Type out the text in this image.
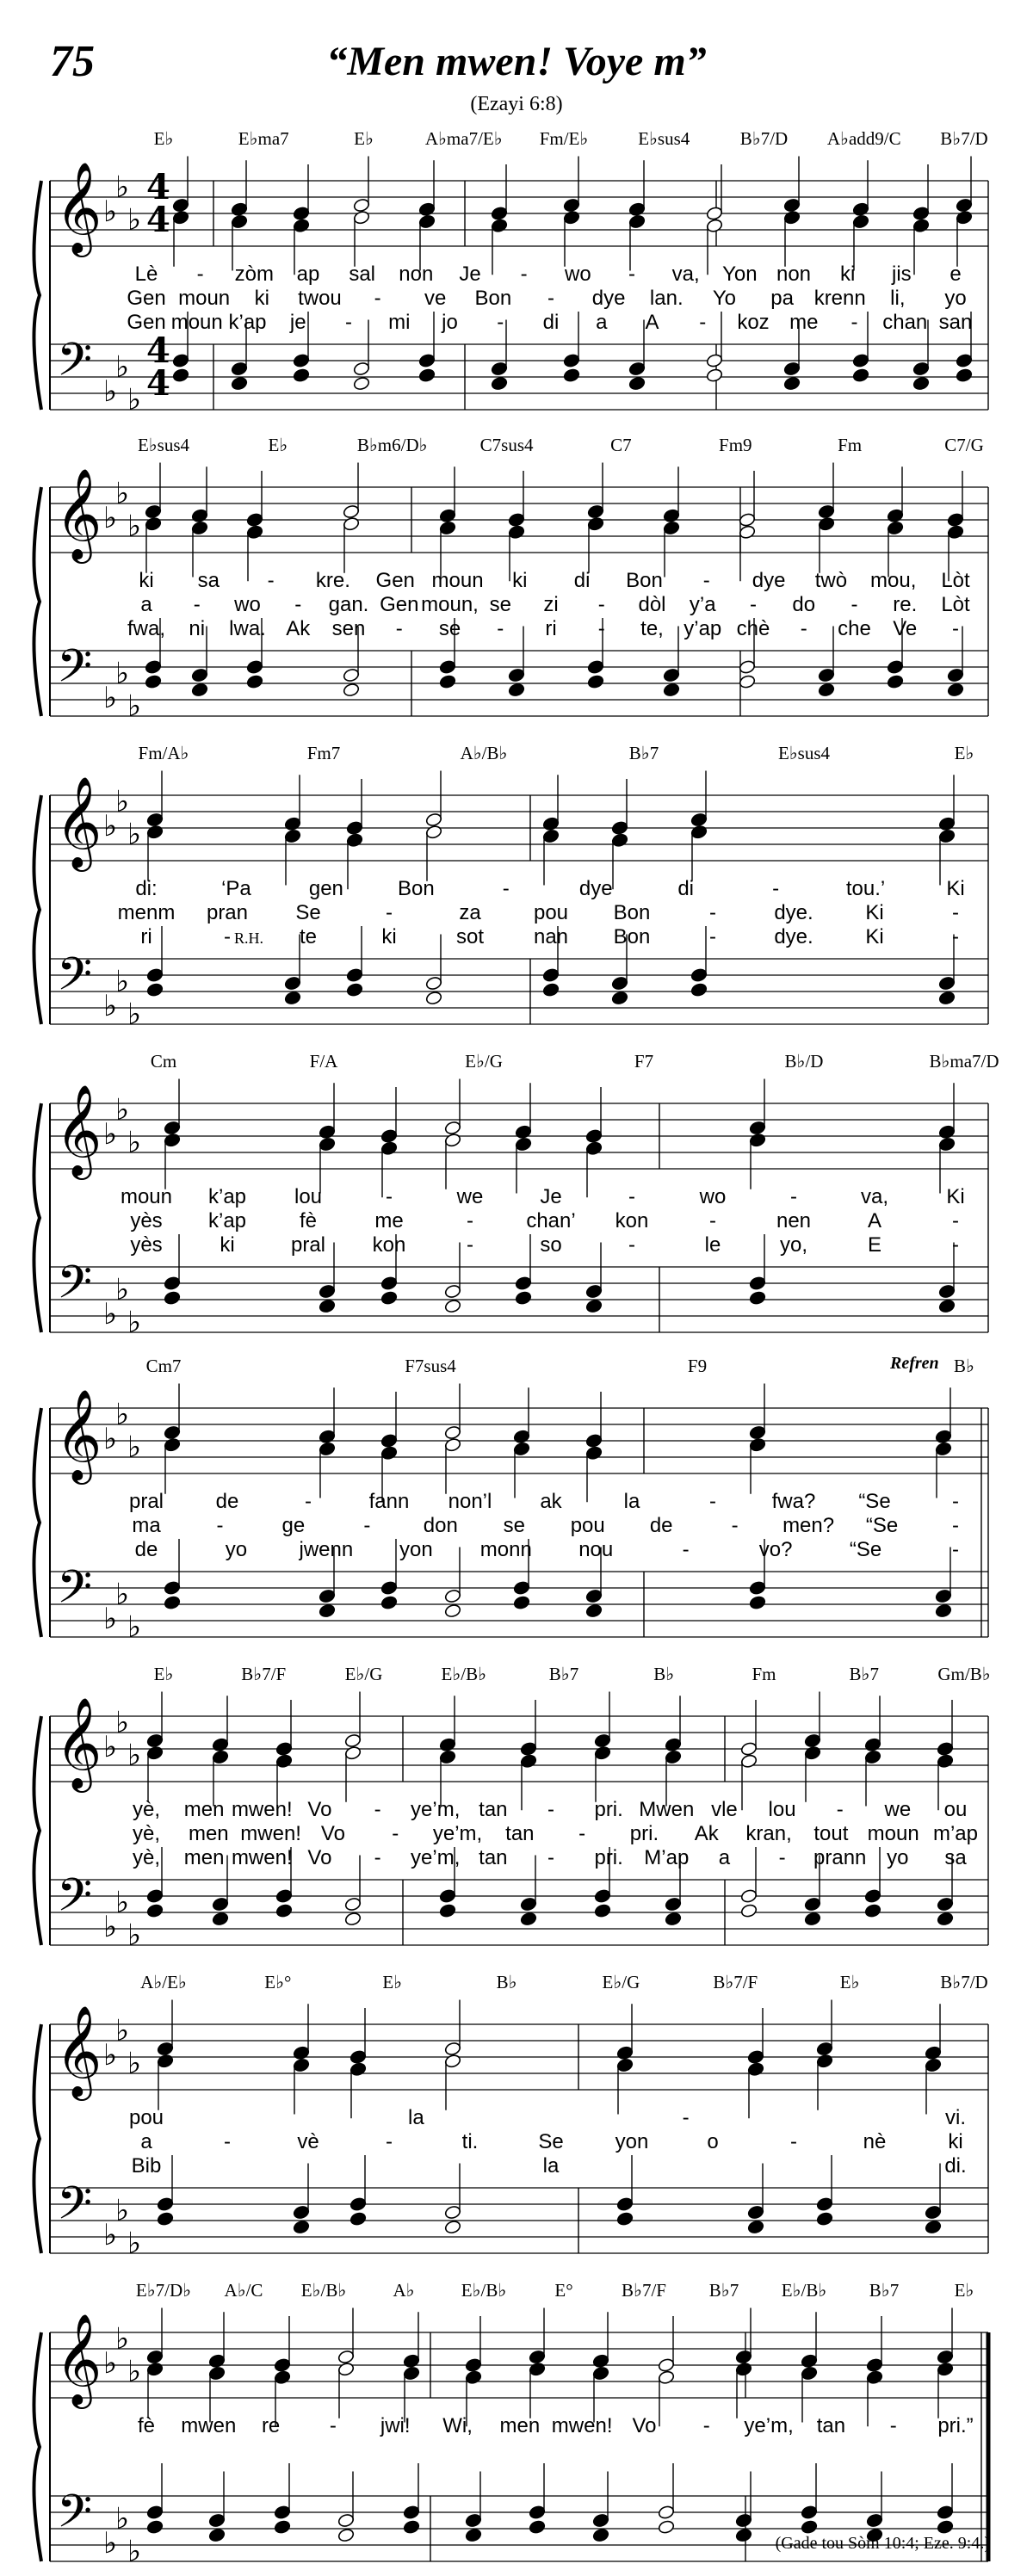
75	“Men mwen! Voye m”
(Ezayi 6:8)
E♭	E♭ma7	E♭	A♭ma7/E♭ Fm/E♭	E♭sus4	B♭7/D A♭add9/C B♭7/D
Lè - zòm ap sal non Je - wo - va, Yon non ki jis e
Gen moun ki twou - ve Bon - dye lan. Yo pa krenn li, yo
Gen moun k’ap je - mi jo - di a A - koz me - chan san
𝄞
𝄢
♭
♭
♭
♭
♭
♭
4
4
4
4
E♭sus4	E♭	B♭m6/D♭	C7sus4	C7	Fm9	Fm	C7/G
ki sa - kre. Gen moun ki di Bon - dye twò mou, Lòt
a - wo - gan. Gen moun, se zi - dòl y’a - do - re. Lòt
fwa, ni lwa. Ak sen - se - ri - te, y’ap chè - che Ve -
𝄞
𝄢
♭
♭
♭
♭
♭
♭
Fm/A♭	Fm7	A♭/B♭	B♭7	E♭sus4	E♭
R.H.
di:	‘Pa	gen	Bon	-	dye	di	-	tou.’	Ki
menm pran Se	-	za	pou Bon	-	dye.	Ki	-
ri	-	te	ki	sot nan Bon	-	dye.	Ki	-
𝄞
𝄢
♭
♭
♭
♭
♭
♭
Cm	F/A	E♭/G	F7	B♭/D	B♭ma7/D
moun k’ap lou	-	we	Je	-	wo	-	va,	Ki
yès k’ap	fè	me	-	chan’ kon	-	nen	A	-
yès	ki	pral kon	-	so	-	le	yo,	E	-
𝄞
𝄢
♭
♭
♭
♭
♭
♭
Cm7	F7sus4	F9	B♭
Refren
pral	de	-	fann non’l ak	la	-	fwa? “Se	-
ma	-	ge	-	don se pou de	- men? “Se	-
de	yo	jwenn yon monn nou	-	vo?	“Se	-
𝄞
𝄢
♭
♭
♭
♭
♭
♭
E♭	B♭7/F	E♭/G	E♭/B♭	B♭7	B♭	Fm	B♭7	Gm/B♭
yè, men mwen! Vo - ye’m, tan - pri. Mwen vle lou - we ou
yè, men mwen! Vo - ye’m, tan - pri. Ak kran, tout moun m’ap
yè, men mwen! Vo - ye’m, tan - pri. M’ap a - prann yo sa
𝄞
𝄢
♭
♭
♭
♭
♭
♭
A♭/E♭	E♭°	E♭	B♭	E♭/G	B♭7/F	E♭	B♭7/D
pou	la	-	vi.
a	-	vè	-	ti.	Se yon	o	-	nè	ki
Bib	la	di.
𝄞
𝄢
♭
♭
♭
♭
♭
♭
E♭7/D♭ A♭/C E♭/B♭	A♭	E♭/B♭	E°	B♭7/F B♭7 E♭/B♭ B♭7	E♭
fè mwen re - jwi! Wi, men mwen! Vo - ye’m, tan - pri.”
𝄞
𝄢
♭
♭
♭
♭
♭
♭	(Gade tou Sòm 10:4; Eze. 9:4.)
